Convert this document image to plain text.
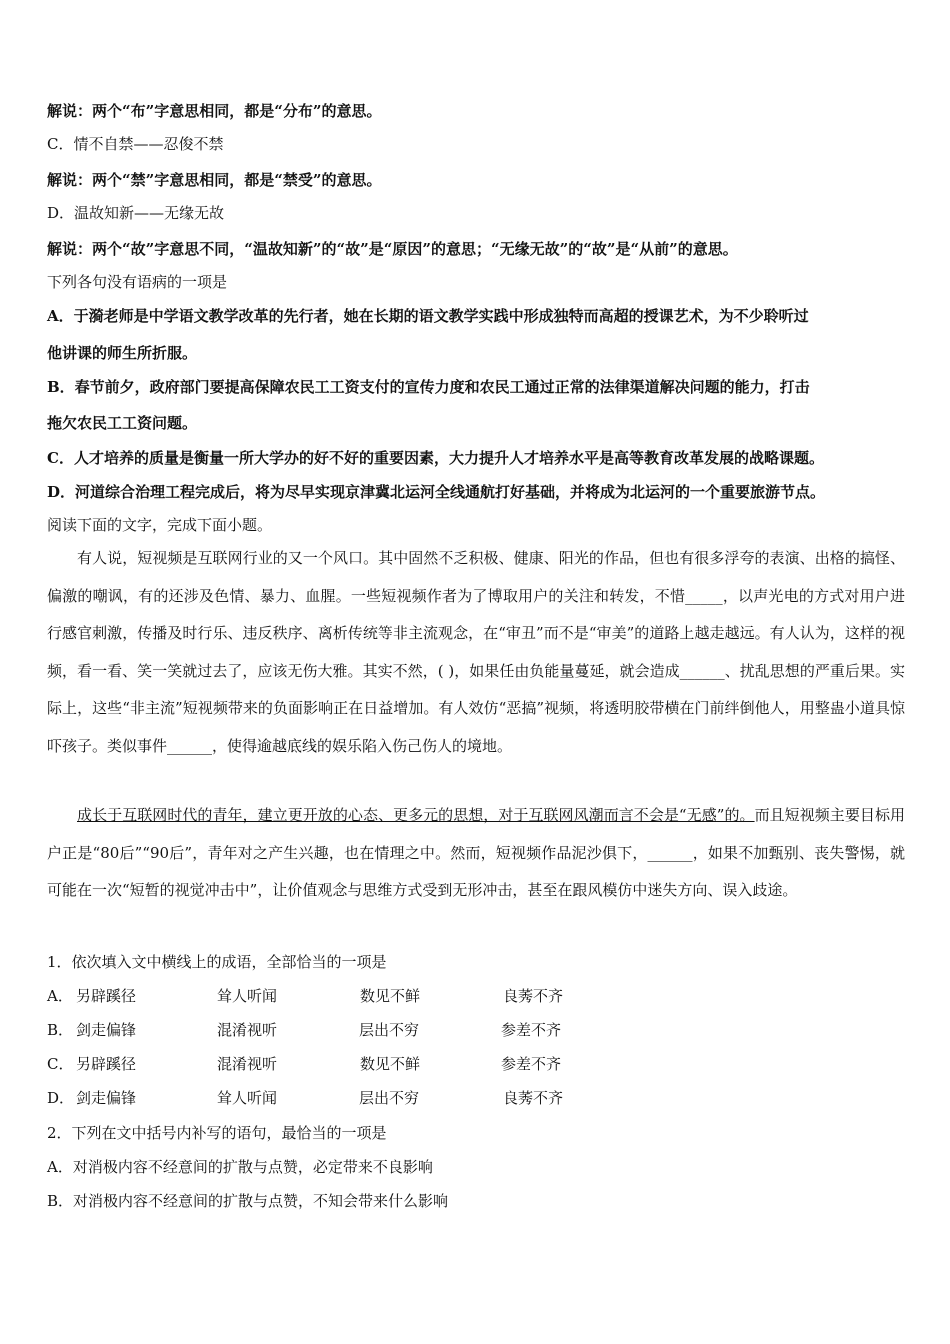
解说：两个“布”字意思相同，都是“分布”的意思。
C．情不自禁——忍俊不禁
解说：两个“禁”字意思相同，都是“禁受”的意思。
D．温故知新——无缘无故
解说：两个“故”字意思不同，“温故知新”的“故”是“原因”的意思；“无缘无故”的“故”是“从前”的意思。
下列各句没有语病的一项是
A．于漪老师是中学语文教学改革的先行者，她在长期的语文教学实践中形成独特而高超的授课艺术，为不少聆听过
他讲课的师生所折服。
B．春节前夕，政府部门要提高保障农民工工资支付的宣传力度和农民工通过正常的法律渠道解决问题的能力，打击
拖欠农民工工资问题。
C．人才培养的质量是衡量一所大学办的好不好的重要因素，大力提升人才培养水平是高等教育改革发展的战略课题。
D．河道综合治理工程完成后，将为尽早实现京津冀北运河全线通航打好基础，并将成为北运河的一个重要旅游节点。
阅读下面的文字，完成下面小题。
有人说，短视频是互联网行业的又一个风口。其中固然不乏积极、健康、阳光的作品，但也有很多浮夸的表演、出格的搞怪、偏激的嘲讽，有的还涉及色情、暴力、血腥。一些短视频作者为了博取用户的关注和转发，不惜_____，以声光电的方式对用户进行感官刺激，传播及时行乐、违反秩序、离析传统等非主流观念，在“审丑”而不是“审美”的道路上越走越远。有人认为，这样的视频，看一看、笑一笑就过去了，应该无伤大雅。其实不然，( )，如果任由负能量蔓延，就会造成______、扰乱思想的严重后果。实际上，这些“非主流”短视频带来的负面影响正在日益增加。有人效仿“恶搞”视频，将透明胶带横在门前绊倒他人，用整蛊小道具惊吓孩子。类似事件______，使得逾越底线的娱乐陷入伤己伤人的境地。
成长于互联网时代的青年，建立更开放的心态、更多元的思想，对于互联网风潮而言不会是“无感”的。而且短视频主要目标用户正是“80后”“90后”，青年对之产生兴趣，也在情理之中。然而，短视频作品泥沙俱下，______，如果不加甄别、丧失警惕，就可能在一次“短暂的视觉冲击中”，让价值观念与思维方式受到无形冲击，甚至在跟风模仿中迷失方向、误入歧途。
1．依次填入文中横线上的成语，全部恰当的一项是
A． 另辟蹊径	耸人听闻	数见不鲜	良莠不齐
B． 剑走偏锋	混淆视听	层出不穷	参差不齐
C． 另辟蹊径	混淆视听	数见不鲜	参差不齐
D． 剑走偏锋	耸人听闻	层出不穷	良莠不齐
2．下列在文中括号内补写的语句，最恰当的一项是
A．对消极内容不经意间的扩散与点赞，必定带来不良影响
B．对消极内容不经意间的扩散与点赞，不知会带来什么影响
